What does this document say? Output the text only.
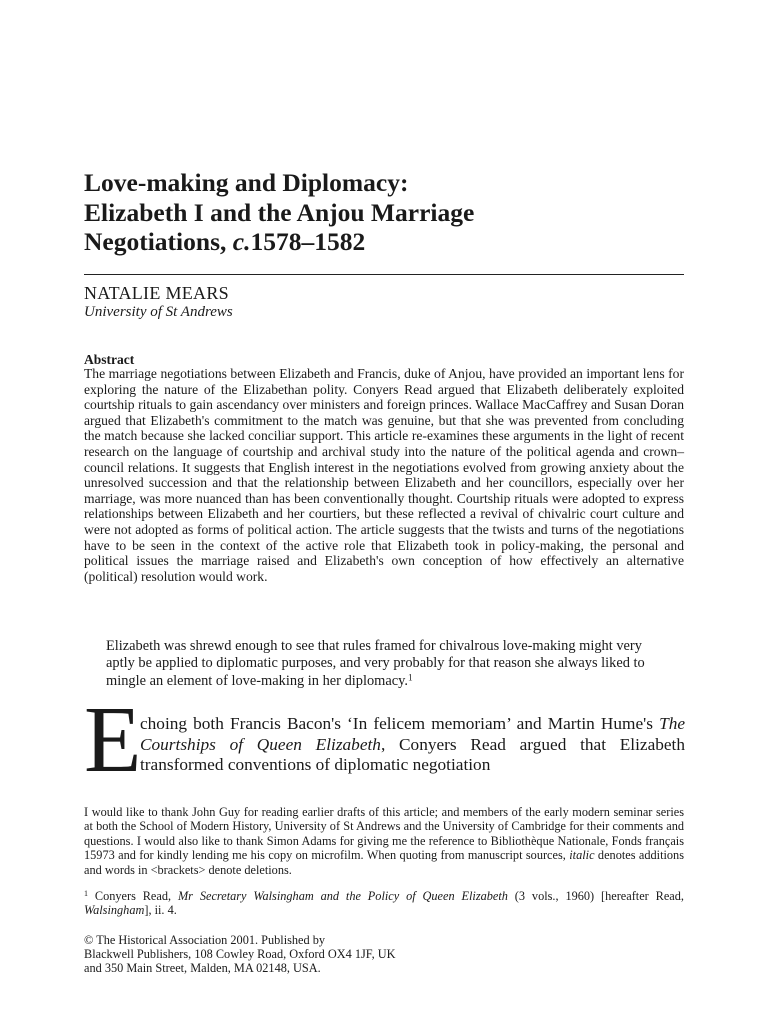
Love-making and Diplomacy:

Elizabeth I and the Anjou Marriage

Negotiations, c.1578–1582

NATALIE MEARS
University of St Andrews
Abstract

The marriage negotiations between Elizabeth and Francis, duke of Anjou, have provided an important lens for exploring the nature of the Elizabethan polity. Conyers Read argued that Elizabeth deliberately exploited courtship rituals to gain ascendancy over ministers and foreign princes. Wallace MacCaffrey and Susan Doran argued that Elizabeth's commitment to the match was genuine, but that she was prevented from concluding the match because she lacked conciliar support. This article re-examines these arguments in the light of recent research on the language of courtship and archival study into the nature of the political agenda and crown–council relations. It suggests that English interest in the negotiations evolved from growing anxiety about the unresolved succession and that the relationship between Elizabeth and her councillors, especially over her marriage, was more nuanced than has been conventionally thought. Courtship rituals were adopted to express relationships between Elizabeth and her courtiers, but these reflected a revival of chivalric court culture and were not adopted as forms of political action. The article suggests that the twists and turns of the negotiations have to be seen in the context of the active role that Elizabeth took in policy-making, the personal and political issues the marriage raised and Elizabeth's own conception of how effectively an alternative (political) resolution would work.

Elizabeth was shrewd enough to see that rules framed for chivalrous love-making might very aptly be applied to diplomatic purposes, and very probably for that reason she always liked to mingle an element of love-making in her diplomacy.$^1$

E

choing both Francis Bacon's ‘In felicem memoriam’ and Martin Hume's The Courtships of Queen Elizabeth, Conyers Read argued that Elizabeth transformed conventions of diplomatic negotiation

I would like to thank John Guy for reading earlier drafts of this article; and members of the early modern seminar series at both the School of Modern History, University of St Andrews and the University of Cambridge for their comments and questions. I would also like to thank Simon Adams for giving me the reference to Bibliothèque Nationale, Fonds français 15973 and for kindly lending me his copy on microfilm. When quoting from manuscript sources, italic denotes additions and words in <brackets> denote deletions.

$^1$ Conyers Read, Mr Secretary Walsingham and the Policy of Queen Elizabeth (3 vols., 1960) [hereafter Read, Walsingham], ii. 4.

© The Historical Association 2001. Published by
Blackwell Publishers, 108 Cowley Road, Oxford OX4 1JF, UK
and 350 Main Street, Malden, MA 02148, USA.
